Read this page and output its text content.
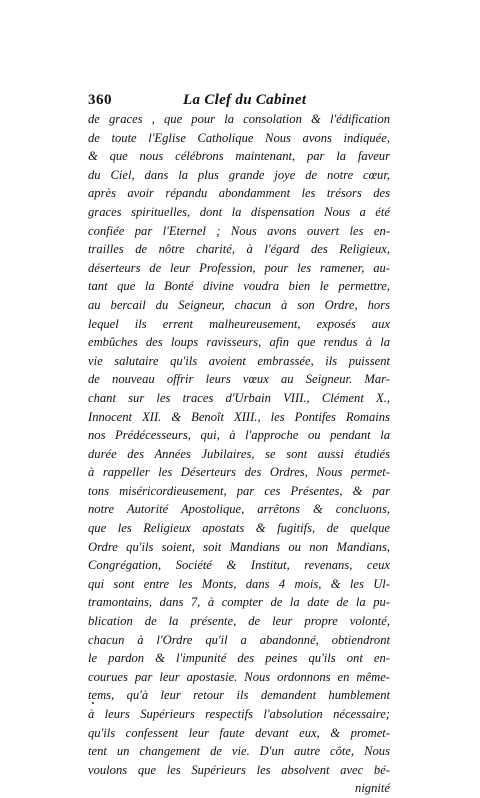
360	La Clef du Cabinet
de graces , que pour la consolation & l'édification
de toute l'Eglise Catholique Nous avons indiquée,
& que nous célébrons maintenant, par la faveur
du Ciel, dans la plus grande joye de notre cœur,
après avoir répandu abondamment les trésors des
graces spirituelles, dont la dispensation Nous a été
confiée par l'Eternel ; Nous avons ouvert les en-
trailles de nôtre charité, à l'égard des Religieux,
déserteurs de leur Profession, pour les ramener, au-
tant que la Bonté divine voudra bien le permettre,
au bercail du Seigneur, chacun à son Ordre, hors
lequel ils errent malheureusement, exposés aux
embûches des loups ravisseurs, afin que rendus à la
vie salutaire qu'ils avoient embrassée, ils puissent
de nouveau offrir leurs vœux au Seigneur. Mar-
chant sur les traces d'Urbain VIII., Clément X.,
Innocent XII. & Benoît XIII., les Pontifes Romains
nos Prédécesseurs, qui, à l'approche ou pendant la
durée des Années Jubilaires, se sont aussi étudiés
à rappeller les Déserteurs des Ordres, Nous permet-
tons miséricordieusement, par ces Présentes, & par
notre Autorité Apostolique, arrêtons & concluons,
que les Religieux apostats & fugitifs, de quelque
Ordre qu'ils soient, soit Mandians ou non Mandians,
Congrégation, Société & Institut, revenans, ceux
qui sont entre les Monts, dans 4 mois, & les Ul-
tramontains, dans 7, à compter de la date de la pu-
blication de la présente, de leur propre volonté,
chacun à l'Ordre qu'il a abandonné, obtiendront
le pardon & l'impunité des peines qu'ils ont en-
courues par leur apostasie. Nous ordonnons en même-
tems, qu'à leur retour ils demandent humblement
à leurs Supérieurs respectifs l'absolution nécessaire;
qu'ils confessent leur faute devant eux, & promet-
tent un changement de vie. D'un autre côte, Nous
voulons que les Supérieurs les absolvent avec bé-
nignité
